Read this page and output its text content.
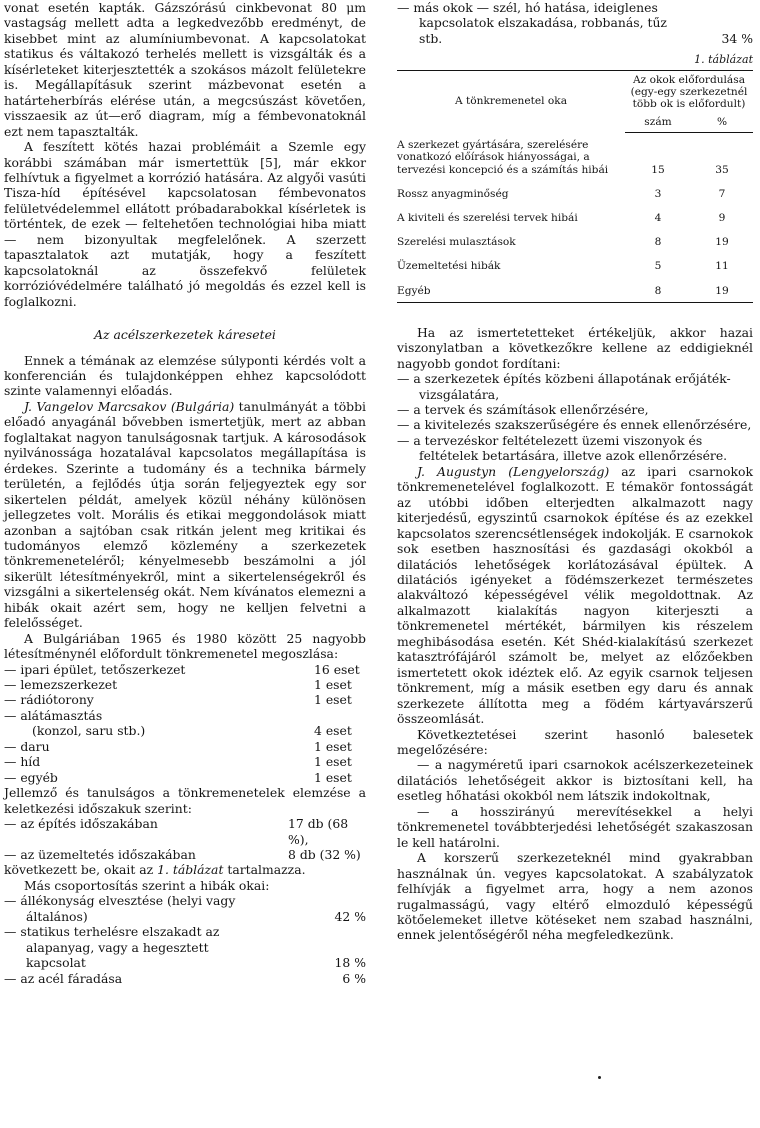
vonat esetén kapták. Gázszórású cinkbevonat 80 μm vastagság mellett adta a legkedvezőbb eredményt, de kisebbet mint az alumíniumbevonat. A kapcsolatokat statikus és váltakozó terhelés mellett is vizsgálták és a kísérleteket kiterjesztették a szokásos mázolt felületekre is. Megállapításuk szerint mázbevonat esetén a határteherbírás elérése után, a megcsúszást követően, visszaesik az út—erő diagram, míg a fémbevonatoknál ezt nem tapasztalták.

A feszített kötés hazai problémáit a Szemle egy korábbi számában már ismertettük [5], már ekkor felhívtuk a figyelmet a korrózió hatására. Az algyői vasúti Tisza-híd építésével kapcsolatosan fémbevonatos felületvédelemmel ellátott próbadarabokkal kísérletek is történtek, de ezek — feltehetően technológiai hiba miatt — nem bizonyultak megfelelőnek. A szerzett tapasztalatok azt mutatják, hogy a feszített kapcsolatoknál az összefekvő felületek korrózióvédelmére található jó megoldás és ezzel kell is foglalkozni.

Az acélszerkezetek káresetei

Ennek a témának az elemzése súlyponti kérdés volt a konferencián és tulajdonképpen ehhez kapcsolódott szinte valamennyi előadás.

J. Vangelov Marcsakov (Bulgária) tanulmányát a többi előadó anyagánál bővebben ismertetjük, mert az abban foglaltakat nagyon tanulságosnak tartjuk. A károsodások nyilvánossága hozatalával kapcsolatos megállapítása is érdekes. Szerinte a tudomány és a technika bármely területén, a fejlődés útja során feljegyeztek egy sor sikertelen példát, amelyek közül néhány különösen jellegzetes volt. Morális és etikai meggondolások miatt azonban a sajtóban csak ritkán jelent meg kritikai és tudományos elemző közlemény a szerkezetek tönkremeneteléről; kényelmesebb beszámolni a jól sikerült létesítményekről, mint a sikertelenségekről és vizsgálni a sikertelenség okát. Nem kívánatos elemezni a hibák okait azért sem, hogy ne kelljen felvetni a felelősséget.

A Bulgáriában 1965 és 1980 között 25 nagyobb létesítménynél előfordult tönkremenetel megoszlása:

— ipari épület, tetőszerkezet	16 eset
— lemezszerkezet	1 eset
— rádiótorony	1 eset
— alátámasztás
(konzol, saru stb.)	4 eset
— daru	1 eset
— híd	1 eset
— egyéb	1 eset

Jellemző és tanulságos a tönkremenetelek elemzése a keletkezési időszakuk szerint:

— az építés időszakában	17 db (68 %),
— az üzemeltetés időszakában	8 db (32 %)

következett be, okait az 1. táblázat tartalmazza.

Más csoportosítás szerint a hibák okai:

— állékonyság elvesztése (helyi vagy általános)	42 %
— statikus terhelésre elszakadt az alapanyag, vagy a hegesztett kapcsolat	18 %
— az acél fáradása	6 %
— más okok — szél, hó hatása, ideiglenes kapcsolatok elszakadása, robbanás, tűz stb.	34 %
1. táblázat
A tönkremenetel oka	Az okok előfordulása (egy-egy szerkezetnél több ok is előfordult)	
	szám	%
A szerkezet gyártására, szerelésére vonatkozó előírások hiányosságai, a tervezési koncepció és a számítás hibái	15	35
Rossz anyagminőség	3	7
A kiviteli és szerelési tervek hibái	4	9
Szerelési mulasztások	8	19
Üzemeltetési hibák	5	11
Egyéb	8	19

Ha az ismertetetteket értékeljük, akkor hazai viszonylatban a következőkre kellene az eddigieknél nagyobb gondot fordítani:

— a szerkezetek építés közbeni állapotának erőjáték-vizsgálatára,
— a tervek és számítások ellenőrzésére,
— a kivitelezés szakszerűségére és ennek ellenőrzésére,
— a tervezéskor feltételezett üzemi viszonyok és feltételek betartására, illetve azok ellenőrzésére.

J. Augustyn (Lengyelország) az ipari csarnokok tönkremenetelével foglalkozott. E témakör fontosságát az utóbbi időben elterjedten alkalmazott nagy kiterjedésű, egyszintű csarnokok építése és az ezekkel kapcsolatos szerencsétlenségek indokolják. E csarnokok sok esetben hasznosítási és gazdasági okokból a dilatációs lehetőségek korlátozásával épültek. A dilatációs igényeket a födémszerkezet természetes alakváltozó képességével vélik megoldottnak. Az alkalmazott kialakítás nagyon kiterjeszti a tönkremenetel mértékét, bármilyen kis részelem meghibásodása esetén. Két Shéd-kialakítású szerkezet katasztrófájáról számolt be, melyet az előzőekben ismertetett okok idéztek elő. Az egyik csarnok teljesen tönkrement, míg a másik esetben egy daru és annak szerkezete állította meg a födém kártyavárszerű összeomlását.

Következtetései szerint hasonló balesetek megelőzésére:

— a nagyméretű ipari csarnokok acélszerkezeteinek dilatációs lehetőségeit akkor is biztosítani kell, ha esetleg hőhatási okokból nem látszik indokoltnak,

— a hosszirányú merevítésekkel a helyi tönkremenetel továbbterjedési lehetőségét szakaszosan le kell határolni.

A korszerű szerkezeteknél mind gyakrabban használnak ún. vegyes kapcsolatokat. A szabályzatok felhívják a figyelmet arra, hogy a nem azonos rugalmasságú, vagy eltérő elmozduló képességű kötőelemeket illetve kötéseket nem szabad használni, ennek jelentőségéről néha megfeledkezünk.
